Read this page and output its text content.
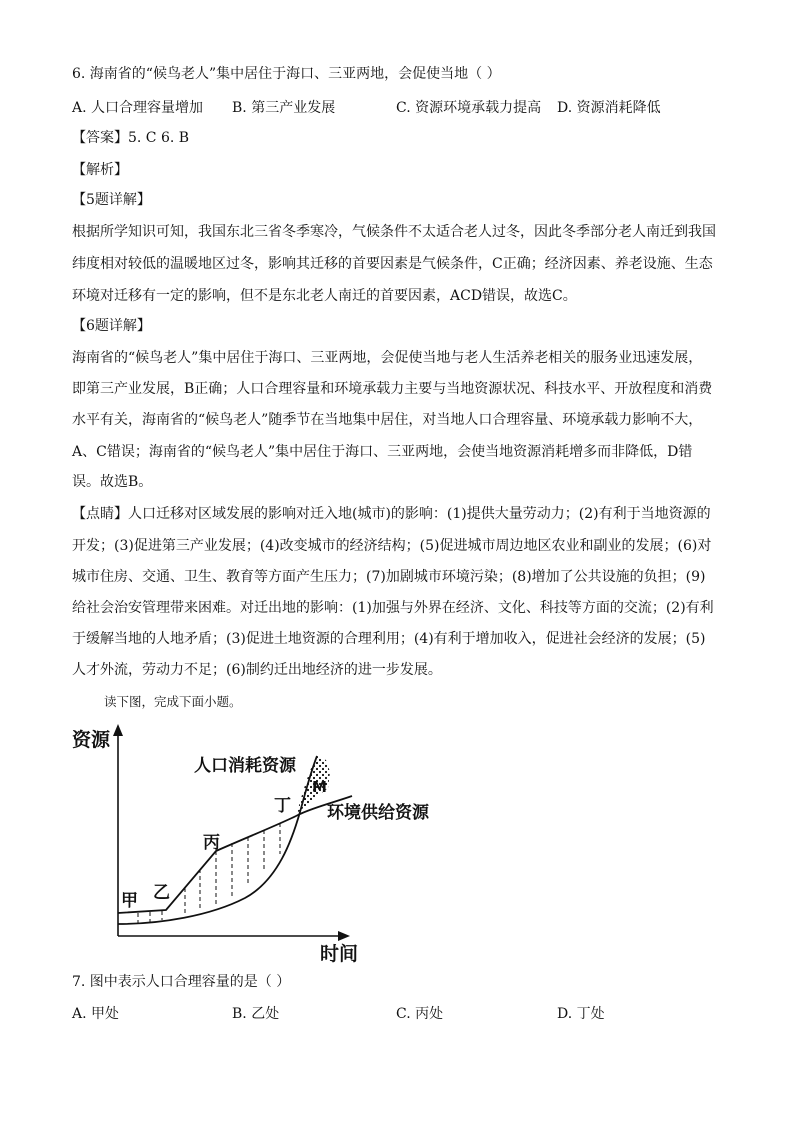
6. 海南省的“候鸟老人”集中居住于海口、三亚两地，会促使当地（ ）
A. 人口合理容量增加 B. 第三产业发展	C. 资源环境承载力提高 D. 资源消耗降低
【答案】5. C 6. B
【解析】
【5题详解】
根据所学知识可知，我国东北三省冬季寒冷，气候条件不太适合老人过冬，因此冬季部分老人南迁到我国
纬度相对较低的温暖地区过冬，影响其迁移的首要因素是气候条件，C正确；经济因素、养老设施、生态
环境对迁移有一定的影响，但不是东北老人南迁的首要因素，ACD错误，故选C。
【6题详解】
海南省的“候鸟老人”集中居住于海口、三亚两地，会促使当地与老人生活养老相关的服务业迅速发展，
即第三产业发展，B正确；人口合理容量和环境承载力主要与当地资源状况、科技水平、开放程度和消费
水平有关，海南省的“候鸟老人”随季节在当地集中居住，对当地人口合理容量、环境承载力影响不大，
A、C错误；海南省的“候鸟老人”集中居住于海口、三亚两地，会使当地资源消耗增多而非降低，D错
误。故选B。
【点睛】人口迁移对区域发展的影响对迁入地(城市)的影响：(1)提供大量劳动力；(2)有利于当地资源的
开发；(3)促进第三产业发展；(4)改变城市的经济结构；(5)促进城市周边地区农业和副业的发展；(6)对
城市住房、交通、卫生、教育等方面产生压力；(7)加剧城市环境污染；(8)增加了公共设施的负担；(9)
给社会治安管理带来困难。对迁出地的影响：(1)加强与外界在经济、文化、科技等方面的交流；(2)有利
于缓解当地的人地矛盾；(3)促进土地资源的合理利用；(4)有利于增加收入，促进社会经济的发展；(5)
人才外流，劳动力不足；(6)制约迁出地经济的进一步发展。
读下图，完成下面小题。
资源
时间
人口消耗资源
环境供给资源
甲 乙
丙
丁
M
7. 图中表示人口合理容量的是（ ）
A. 甲处	B. 乙处	C. 丙处	D. 丁处
